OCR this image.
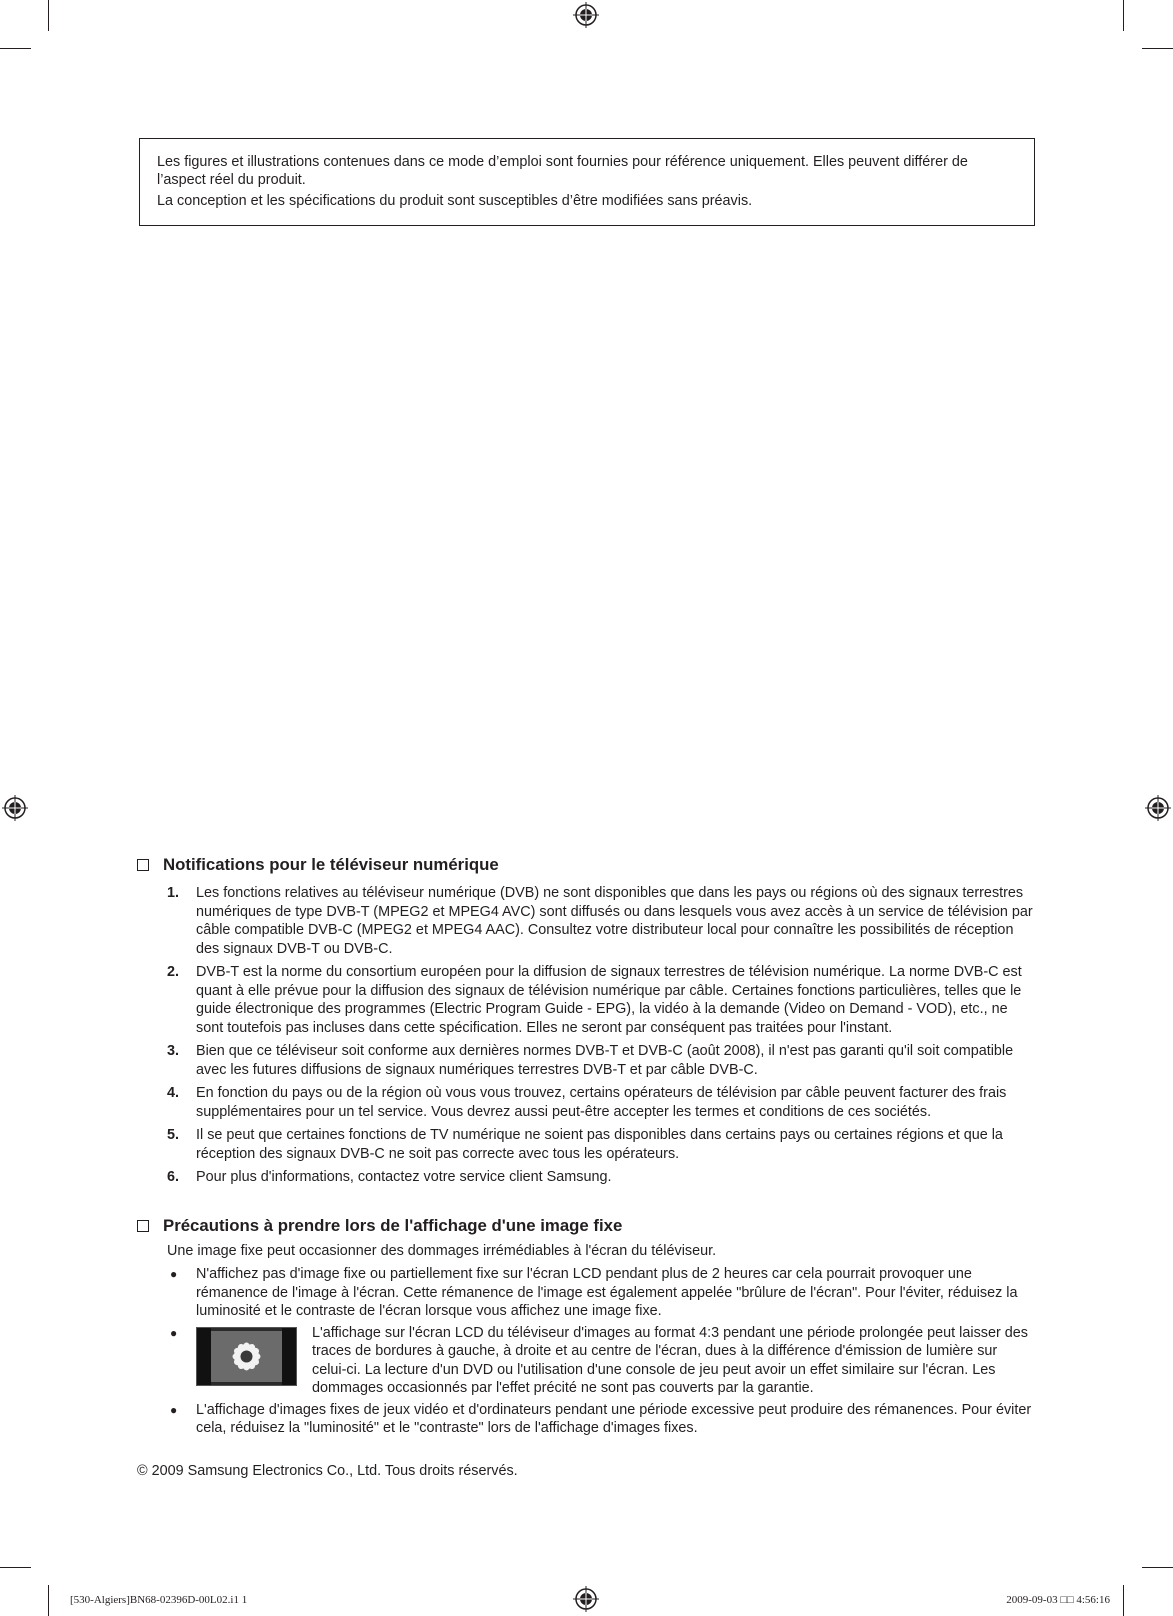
Les figures et illustrations contenues dans ce mode d’emploi sont fournies pour référence uniquement. Elles peuvent différer de l’aspect réel du produit.

La conception et les spécifications du produit sont susceptibles d’être modifiées sans préavis.

Notifications pour le téléviseur numérique
1.	Les fonctions relatives au téléviseur numérique (DVB) ne sont disponibles que dans les pays ou régions où des signaux terrestres numériques de type DVB-T (MPEG2 et MPEG4 AVC) sont diffusés ou dans lesquels vous avez accès à un service de télévision par câble compatible DVB-C (MPEG2 et MPEG4 AAC). Consultez votre distributeur local pour connaître les possibilités de réception des signaux DVB-T ou DVB-C.
2.	DVB-T est la norme du consortium européen pour la diffusion de signaux terrestres de télévision numérique. La norme DVB-C est quant à elle prévue pour la diffusion des signaux de télévision numérique par câble. Certaines fonctions particulières, telles que le guide électronique des programmes (Electric Program Guide - EPG), la vidéo à la demande (Video on Demand - VOD), etc., ne sont toutefois pas incluses dans cette spécification. Elles ne seront par conséquent pas traitées pour l'instant.
3.	Bien que ce téléviseur soit conforme aux dernières normes DVB-T et DVB-C (août 2008), il n'est pas garanti qu'il soit compatible avec les futures diffusions de signaux numériques terrestres DVB-T et par câble DVB-C.
4.	En fonction du pays ou de la région où vous vous trouvez, certains opérateurs de télévision par câble peuvent facturer des frais supplémentaires pour un tel service. Vous devrez aussi peut-être accepter les termes et conditions de ces sociétés.
5.	Il se peut que certaines fonctions de TV numérique ne soient pas disponibles dans certains pays ou certaines régions et que la réception des signaux DVB-C ne soit pas correcte avec tous les opérateurs.
6.	Pour plus d'informations, contactez votre service client Samsung.
Précautions à prendre lors de l'affichage d'une image fixe
Une image fixe peut occasionner des dommages irrémédiables à l'écran du téléviseur.
●	N'affichez pas d'image fixe ou partiellement fixe sur l'écran LCD pendant plus de 2 heures car cela pourrait provoquer une rémanence de l'image à l'écran. Cette rémanence de l'image est également appelée "brûlure de l'écran". Pour l'éviter, réduisez la luminosité et le contraste de l'écran lorsque vous affichez une image fixe.
●	L'affichage sur l'écran LCD du téléviseur d'images au format 4:3 pendant une période prolongée peut laisser des traces de bordures à gauche, à droite et au centre de l'écran, dues à la différence d'émission de lumière sur celui-ci. La lecture d'un DVD ou l'utilisation d'une console de jeu peut avoir un effet similaire sur l'écran. Les dommages occasionnés par l'effet précité ne sont pas couverts par la garantie.
●	L'affichage d'images fixes de jeux vidéo et d'ordinateurs pendant une période excessive peut produire des rémanences. Pour éviter cela, réduisez la "luminosité" et le "contraste" lors de l'affichage d'images fixes.
© 2009 Samsung Electronics Co., Ltd. Tous droits réservés.
[530-Algiers]BN68-02396D-00L02.i1 1	2009-09-03 □□ 4:56:16
